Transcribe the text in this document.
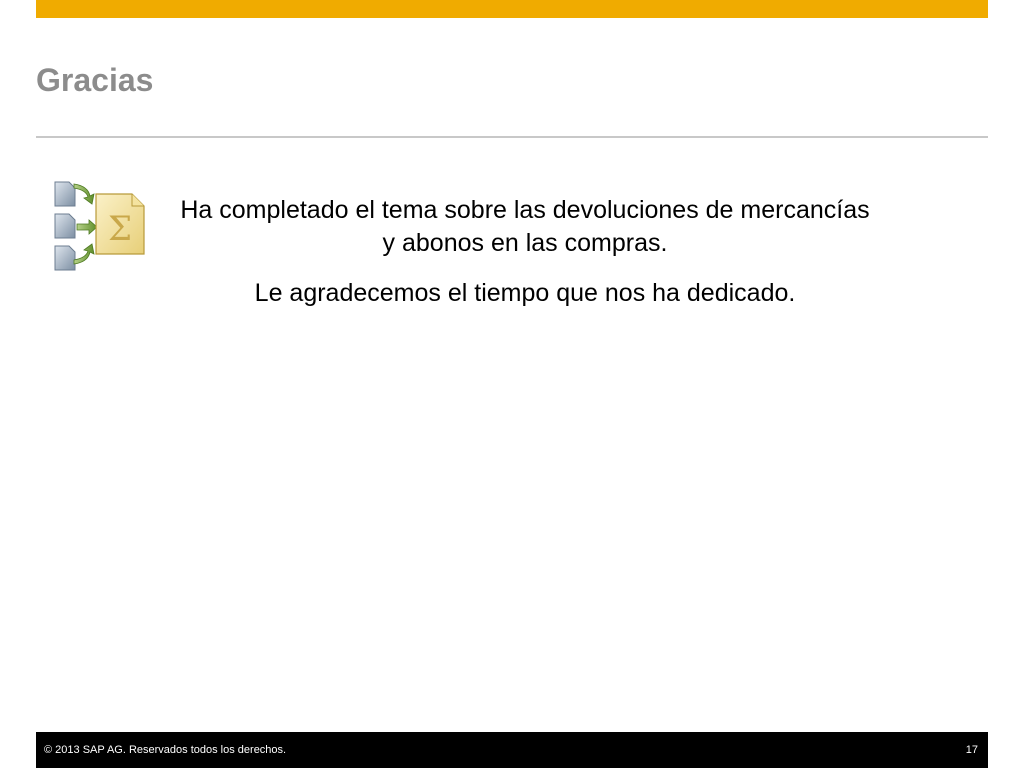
Gracias
Σ Ha completado el tema sobre las devoluciones de mercancías y abonos en las compras.

Le agradecemos el tiempo que nos ha dedicado.

© 2013 SAP AG. Reservados todos los derechos.	17
